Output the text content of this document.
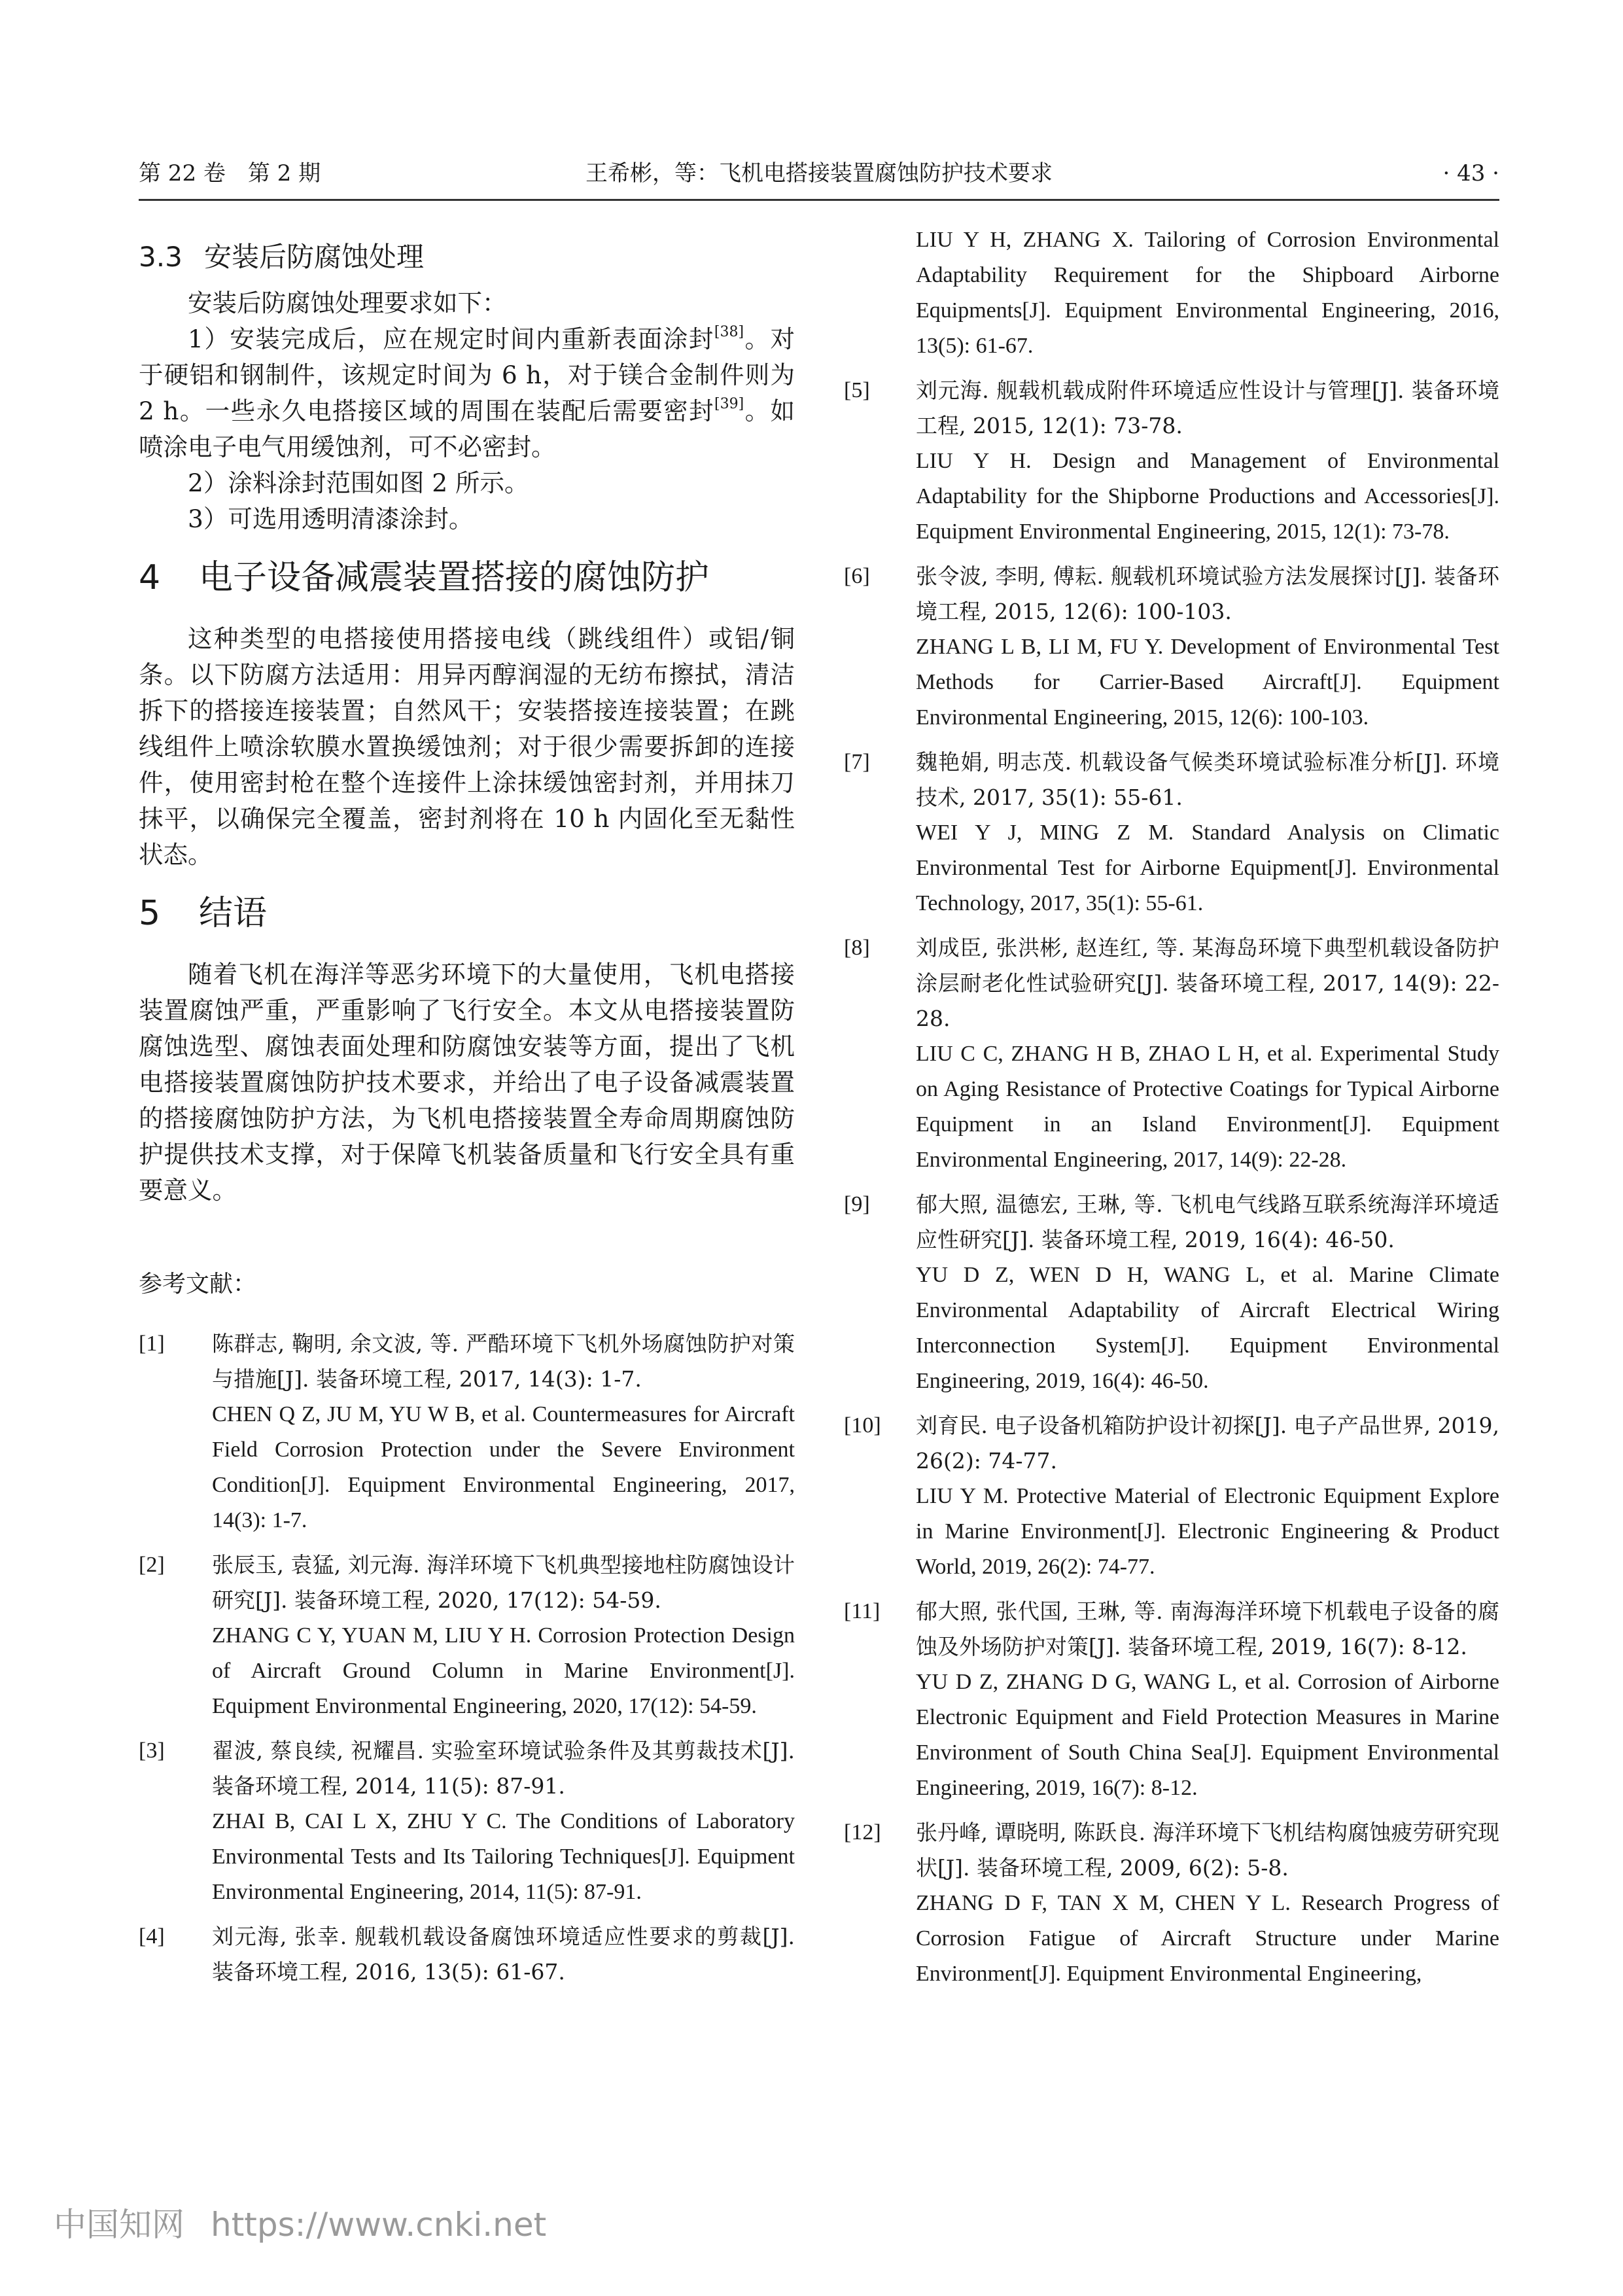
第 22 卷　第 2 期	王希彬，等：飞机电搭接装置腐蚀防护技术要求	· 43 ·
3.3 安装后防腐蚀处理

安装后防腐蚀处理要求如下：

1）安装完成后，应在规定时间内重新表面涂封[38]。对于硬铝和钢制件，该规定时间为 6 h，对于镁合金制件则为 2 h。一些永久电搭接区域的周围在装配后需要密封[39]。如喷涂电子电气用缓蚀剂，可不必密封。

2）涂料涂封范围如图 2 所示。

3）可选用透明清漆涂封。

4 电子设备减震装置搭接的腐蚀防护

这种类型的电搭接使用搭接电线（跳线组件）或铝/铜条。以下防腐方法适用：用异丙醇润湿的无纺布擦拭，清洁拆下的搭接连接装置；自然风干；安装搭接连接装置；在跳线组件上喷涂软膜水置换缓蚀剂；对于很少需要拆卸的连接件，使用密封枪在整个连接件上涂抹缓蚀密封剂，并用抹刀抹平，以确保完全覆盖，密封剂将在 10 h 内固化至无黏性状态。

5 结语

随着飞机在海洋等恶劣环境下的大量使用，飞机电搭接装置腐蚀严重，严重影响了飞行安全。本文从电搭接装置防腐蚀选型、腐蚀表面处理和防腐蚀安装等方面，提出了飞机电搭接装置腐蚀防护技术要求，并给出了电子设备减震装置的搭接腐蚀防护方法，为飞机电搭接装置全寿命周期腐蚀防护提供技术支撑，对于保障飞机装备质量和飞行安全具有重要意义。

参考文献：
[1] 陈群志, 鞠明, 余文波, 等. 严酷环境下飞机外场腐蚀防护对策与措施[J]. 装备环境工程, 2017, 14(3): 1-7.

CHEN Q Z, JU M, YU W B, et al. Countermeasures for Aircraft Field Corrosion Protection under the Severe Environment Condition[J]. Equipment Environmental Engineering, 2017, 14(3): 1-7.

[2] 张辰玉, 袁猛, 刘元海. 海洋环境下飞机典型接地柱防腐蚀设计研究[J]. 装备环境工程, 2020, 17(12): 54-59.

ZHANG C Y, YUAN M, LIU Y H. Corrosion Protection Design of Aircraft Ground Column in Marine Environment[J]. Equipment Environmental Engineering, 2020, 17(12): 54-59.

[3] 翟波, 蔡良续, 祝耀昌. 实验室环境试验条件及其剪裁技术[J]. 装备环境工程, 2014, 11(5): 87-91.

ZHAI B, CAI L X, ZHU Y C. The Conditions of Laboratory Environmental Tests and Its Tailoring Techniques[J]. Equipment Environmental Engineering, 2014, 11(5): 87-91.

[4] 刘元海, 张幸. 舰载机载设备腐蚀环境适应性要求的剪裁[J]. 装备环境工程, 2016, 13(5): 61-67.

LIU Y H, ZHANG X. Tailoring of Corrosion Environmental Adaptability Requirement for the Shipboard Airborne Equipments[J]. Equipment Environmental Engineering, 2016, 13(5): 61-67.

[5] 刘元海. 舰载机载成附件环境适应性设计与管理[J]. 装备环境工程, 2015, 12(1): 73-78.

LIU Y H. Design and Management of Environmental Adaptability for the Shipborne Productions and Accessories[J]. Equipment Environmental Engineering, 2015, 12(1): 73-78.

[6] 张令波, 李明, 傅耘. 舰载机环境试验方法发展探讨[J]. 装备环境工程, 2015, 12(6): 100-103.

ZHANG L B, LI M, FU Y. Development of Environmental Test Methods for Carrier-Based Aircraft[J]. Equipment Environmental Engineering, 2015, 12(6): 100-103.

[7] 魏艳娟, 明志茂. 机载设备气候类环境试验标准分析[J]. 环境技术, 2017, 35(1): 55-61.

WEI Y J, MING Z M. Standard Analysis on Climatic Environmental Test for Airborne Equipment[J]. Environmental Technology, 2017, 35(1): 55-61.

[8] 刘成臣, 张洪彬, 赵连红, 等. 某海岛环境下典型机载设备防护涂层耐老化性试验研究[J]. 装备环境工程, 2017, 14(9): 22-28.

LIU C C, ZHANG H B, ZHAO L H, et al. Experimental Study on Aging Resistance of Protective Coatings for Typical Airborne Equipment in an Island Environment[J]. Equipment Environmental Engineering, 2017, 14(9): 22-28.

[9] 郁大照, 温德宏, 王琳, 等. 飞机电气线路互联系统海洋环境适应性研究[J]. 装备环境工程, 2019, 16(4): 46-50.

YU D Z, WEN D H, WANG L, et al. Marine Climate Environmental Adaptability of Aircraft Electrical Wiring Interconnection System[J]. Equipment Environmental Engineering, 2019, 16(4): 46-50.

[10] 刘育民. 电子设备机箱防护设计初探[J]. 电子产品世界, 2019, 26(2): 74-77.

LIU Y M. Protective Material of Electronic Equipment Explore in Marine Environment[J]. Electronic Engineering & Product World, 2019, 26(2): 74-77.

[11] 郁大照, 张代国, 王琳, 等. 南海海洋环境下机载电子设备的腐蚀及外场防护对策[J]. 装备环境工程, 2019, 16(7): 8-12.

YU D Z, ZHANG D G, WANG L, et al. Corrosion of Airborne Electronic Equipment and Field Protection Measures in Marine Environment of South China Sea[J]. Equipment Environmental Engineering, 2019, 16(7): 8-12.

[12] 张丹峰, 谭晓明, 陈跃良. 海洋环境下飞机结构腐蚀疲劳研究现状[J]. 装备环境工程, 2009, 6(2): 5-8.

ZHANG D F, TAN X M, CHEN Y L. Research Progress of Corrosion Fatigue of Aircraft Structure under Marine Environment[J]. Equipment Environmental Engineering,

中国知网 https://www.cnki.net
